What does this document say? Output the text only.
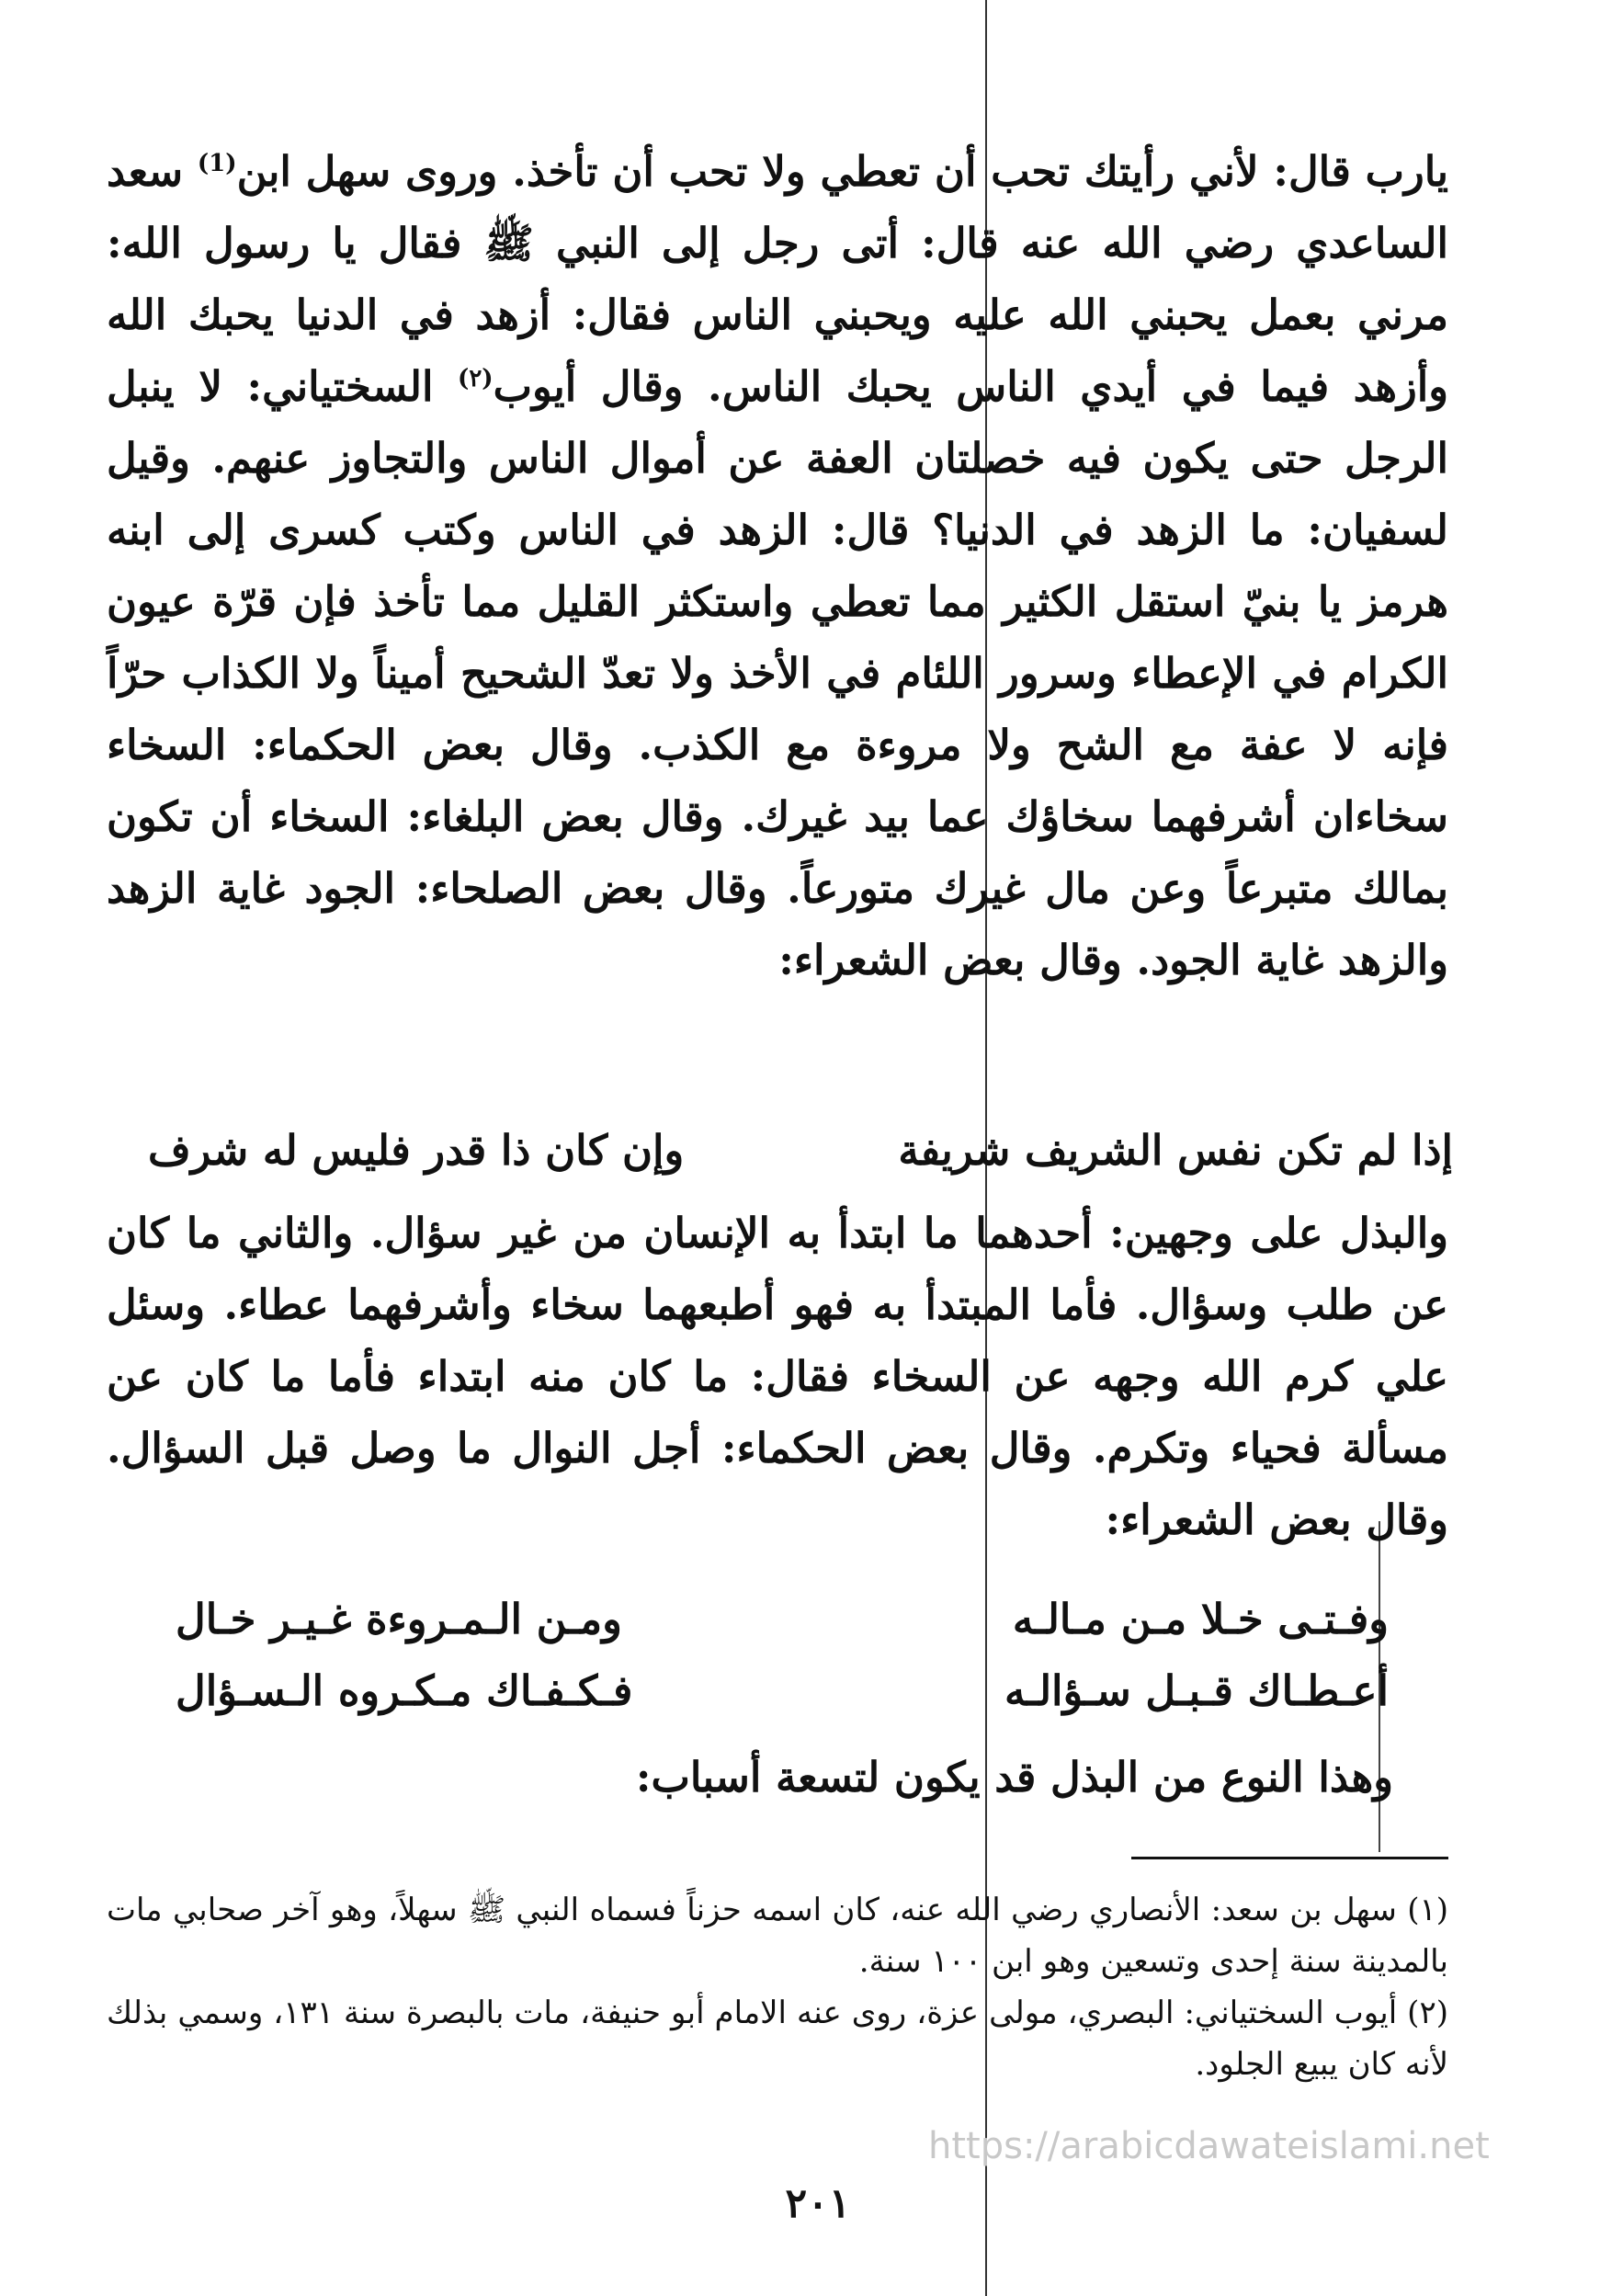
يارب قال: لأني رأيتك تحب أن تعطي ولا تحب أن تأخذ. وروى سهل ابن$^{(1)}$ سعد الساعدي رضي الله عنه قال: أتى رجل إلى النبي ﷺ فقال يا رسول الله: مرني بعمل يحبني الله عليه ويحبني الناس فقال: أزهد في الدنيا يحبك الله وأزهد فيما في أيدي الناس يحبك الناس. وقال أيوب$^{(٢)}$ السختياني: لا ينبل الرجل حتى يكون فيه خصلتان العفة عن أموال الناس والتجاوز عنهم. وقيل لسفيان: ما الزهد في الدنيا؟ قال: الزهد في الناس وكتب كسرى إلى ابنه هرمز يا بنيّ استقل الكثير مما تعطي واستكثر القليل مما تأخذ فإن قرّة عيون الكرام في الإعطاء وسرور اللئام في الأخذ ولا تعدّ الشحيح أميناً ولا الكذاب حرّاً فإنه لا عفة مع الشح ولا مروءة مع الكذب. وقال بعض الحكماء: السخاء سخاءان أشرفهما سخاؤك عما بيد غيرك. وقال بعض البلغاء: السخاء أن تكون بمالك متبرعاً وعن مال غيرك متورعاً. وقال بعض الصلحاء: الجود غاية الزهد والزهد غاية الجود. وقال بعض الشعراء:

إذا لم تكن نفس الشريف شريفة
وإن كان ذا قدر فليس له شرف

والبذل على وجهين: أحدهما ما ابتدأ به الإنسان من غير سؤال. والثاني ما كان عن طلب وسؤال. فأما المبتدأ به فهو أطبعهما سخاء وأشرفهما عطاء. وسئل علي كرم الله وجهه عن السخاء فقال: ما كان منه ابتداء فأما ما كان عن مسألة فحياء وتكرم. وقال بعض الحكماء: أجل النوال ما وصل قبل السؤال. وقال بعض الشعراء:

وفـتـى خـلا مـن مـالـه
ومـن الـمـروءة غـيـر خـال
أعـطـاك قـبـل سـؤالـه
فـكـفـاك مـكـروه الـسـؤال

وهذا النوع من البذل قد يكون لتسعة أسباب:

(١) سهل بن سعد: الأنصاري رضي الله عنه، كان اسمه حزناً فسماه النبي ﷺ سهلاً، وهو آخر صحابي مات بالمدينة سنة إحدى وتسعين وهو ابن ١٠٠ سنة.

(٢) أيوب السختياني: البصري، مولى عزة، روى عنه الامام أبو حنيفة، مات بالبصرة سنة ١٣١، وسمي بذلك لأنه كان يبيع الجلود.

https://arabicdawateislami.net
٢٠١
